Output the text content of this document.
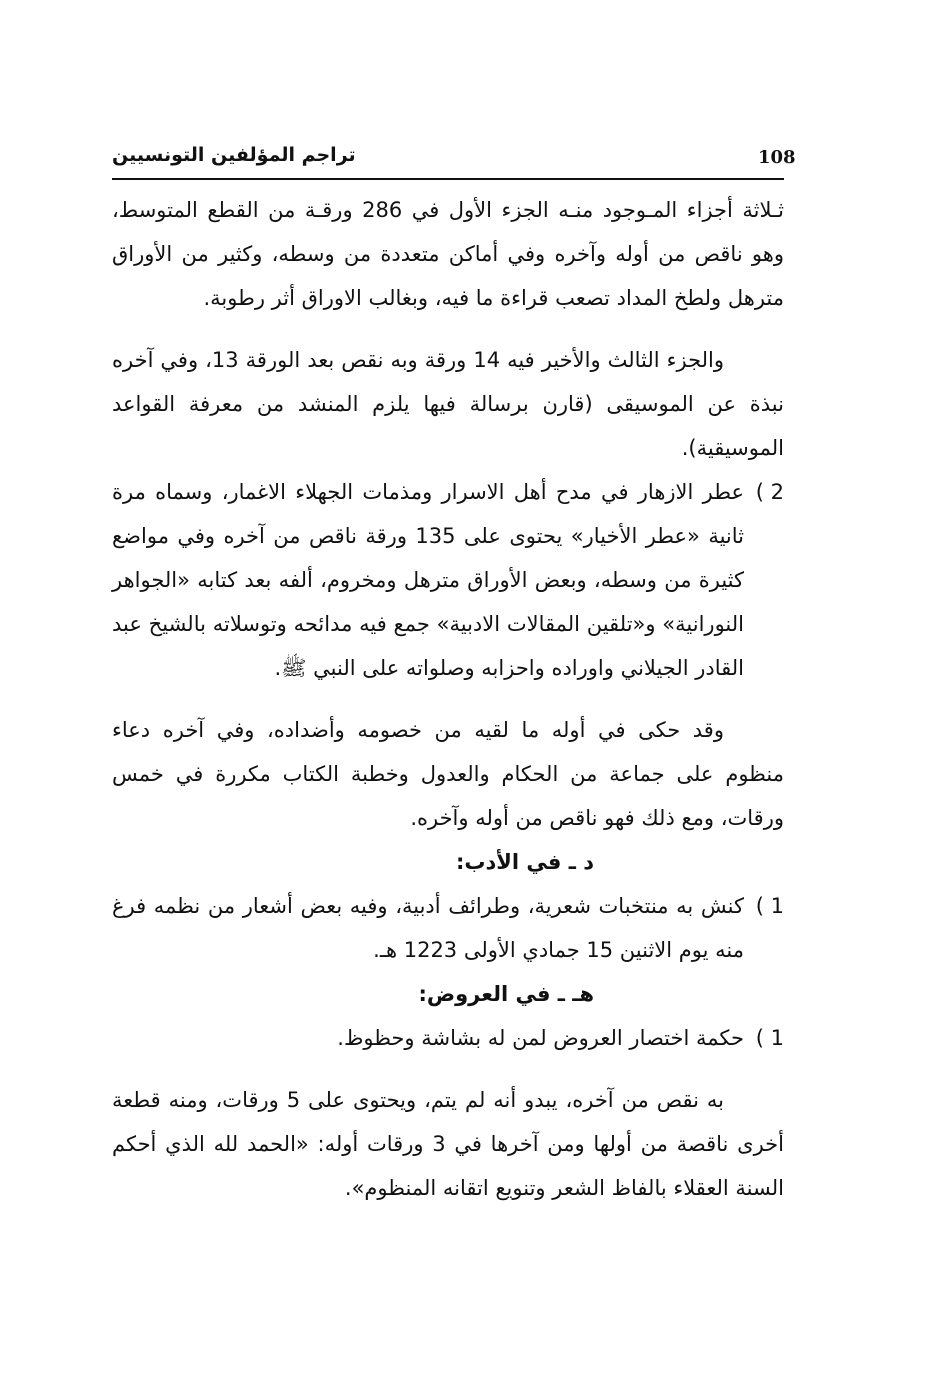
108
تراجم المؤلفين التونسيين

ثـلاثة أجزاء المـوجود منـه الجزء الأول في 286 ورقـة من القطع المتوسط، وهو ناقص من أوله وآخره وفي أماكن متعددة من وسطه، وكثير من الأوراق مترهل ولطخ المداد تصعب قراءة ما فيه، وبغالب الاوراق أثر رطوبة.

والجزء الثالث والأخير فيه 14 ورقة وبه نقص بعد الورقة 13، وفي آخره نبذة عن الموسيقى (قارن برسالة فيها يلزم المنشد من معرفة القواعد الموسيقية).

2 )
عطر الازهار في مدح أهل الاسرار ومذمات الجهلاء الاغمار، وسماه مرة ثانية «عطر الأخيار» يحتوى على 135 ورقة ناقص من آخره وفي مواضع كثيرة من وسطه، وبعض الأوراق مترهل ومخروم، ألفه بعد كتابه «الجواهر النورانية» و«تلقين المقالات الادبية» جمع فيه مدائحه وتوسلاته بالشيخ عبد القادر الجيلاني واوراده واحزابه وصلواته على النبي ﷺ.

وقد حكى في أوله ما لقيه من خصومه وأضداده، وفي آخره دعاء منظوم على جماعة من الحكام والعدول وخطبة الكتاب مكررة في خمس ورقات، ومع ذلك فهو ناقص من أوله وآخره.

د ـ في الأدب:

1 )
كنش به منتخبات شعرية، وطرائف أدبية، وفيه بعض أشعار من نظمه فرغ منه يوم الاثنين 15 جمادي الأولى 1223 هـ.

هـ ـ في العروض:

1 )
حكمة اختصار العروض لمن له بشاشة وحظوظ.

به نقص من آخره، يبدو أنه لم يتم، ويحتوى على 5 ورقات، ومنه قطعة أخرى ناقصة من أولها ومن آخرها في 3 ورقات أوله: «الحمد لله الذي أحكم السنة العقلاء بالفاظ الشعر وتنويع اتقانه المنظوم».
